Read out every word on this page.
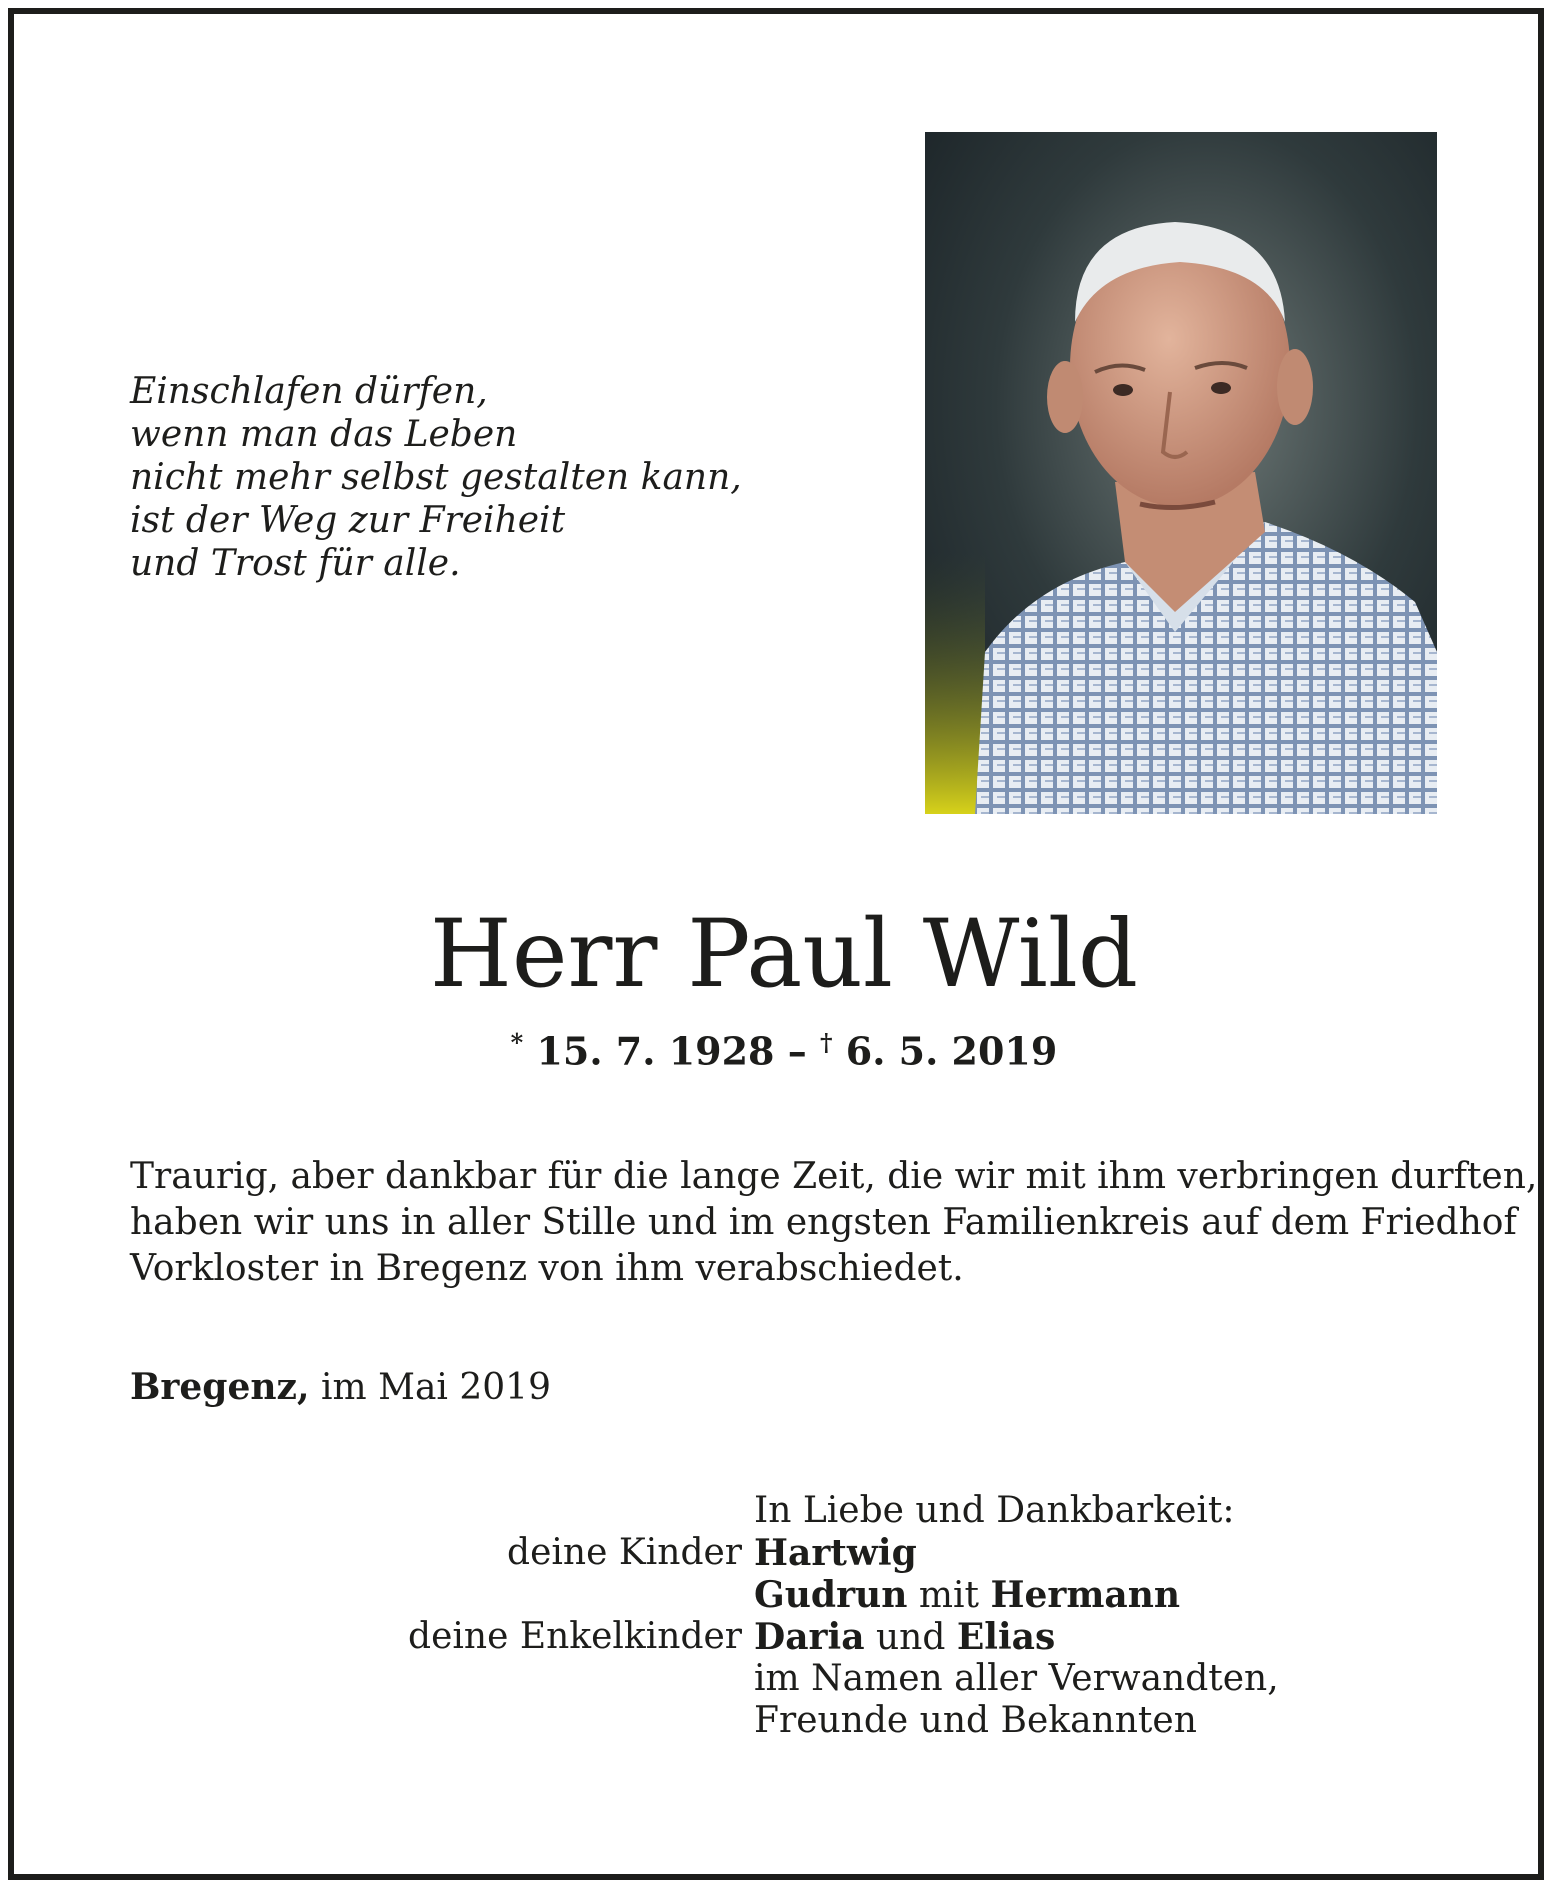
Einschlafen dürfen,
wenn man das Leben
nicht mehr selbst gestalten kann,
ist der Weg zur Freiheit
und Trost für alle.
Herr Paul Wild
* 15. 7. 1928 – † 6. 5. 2019
Traurig, aber dankbar für die lange Zeit, die wir mit ihm verbringen durften,
haben wir uns in aller Stille und im engsten Familienkreis auf dem Friedhof
Vorkloster in Bregenz von ihm verabschiedet.
Bregenz, im Mai 2019
In Liebe und Dankbarkeit:
deine Kinder Hartwig
Gudrun mit Hermann
deine Enkelkinder Daria und Elias
im Namen aller Verwandten,
Freunde und Bekannten
